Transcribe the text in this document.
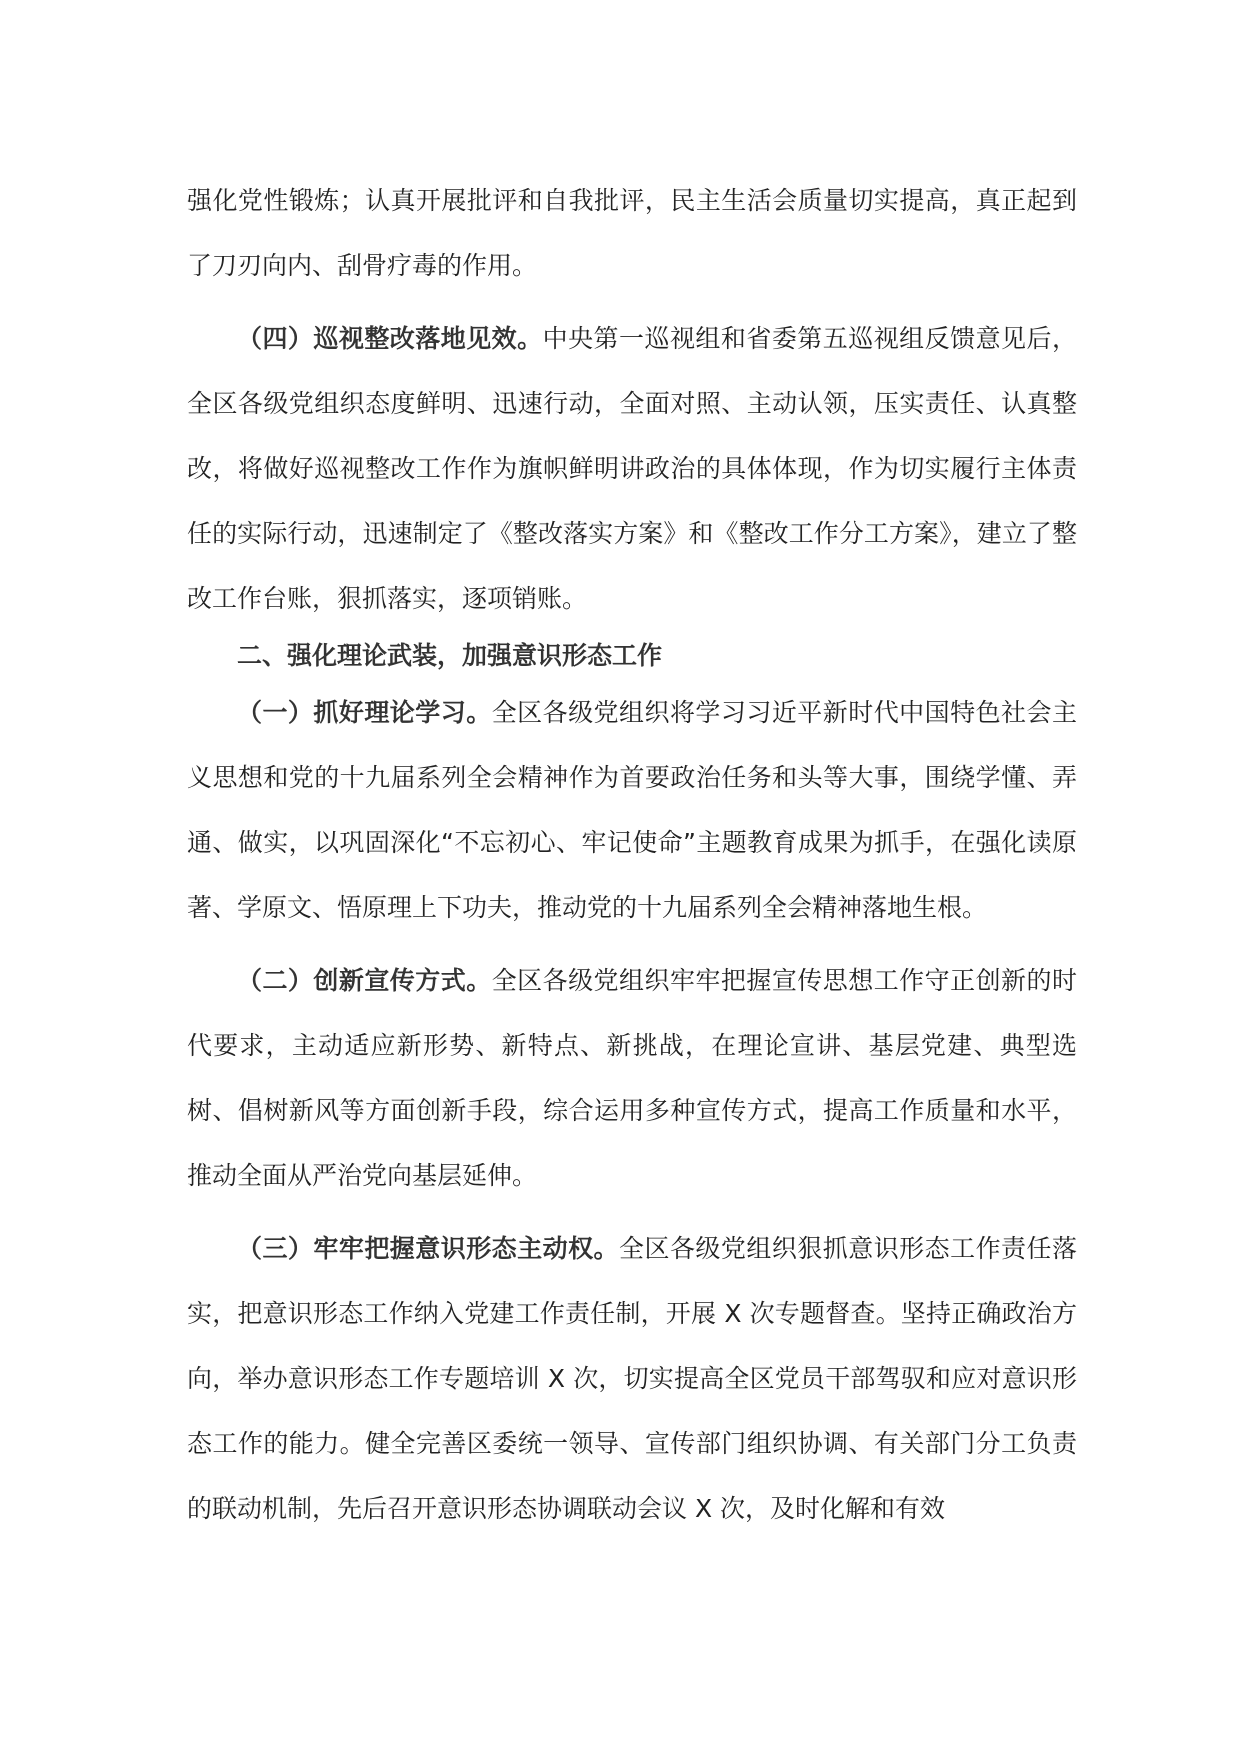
强化党性锻炼；认真开展批评和自我批评，民主生活会质量切实提高，真正起到了刀刃向内、刮骨疗毒的作用。

（四）巡视整改落地见效。中央第一巡视组和省委第五巡视组反馈意见后，全区各级党组织态度鲜明、迅速行动，全面对照、主动认领，压实责任、认真整改，将做好巡视整改工作作为旗帜鲜明讲政治的具体体现，作为切实履行主体责任的实际行动，迅速制定了《整改落实方案》和《整改工作分工方案》，建立了整改工作台账，狠抓落实，逐项销账。

二、强化理论武装，加强意识形态工作

（一）抓好理论学习。全区各级党组织将学习习近平新时代中国特色社会主义思想和党的十九届系列全会精神作为首要政治任务和头等大事，围绕学懂、弄通、做实，以巩固深化“不忘初心、牢记使命”主题教育成果为抓手，在强化读原著、学原文、悟原理上下功夫，推动党的十九届系列全会精神落地生根。

（二）创新宣传方式。全区各级党组织牢牢把握宣传思想工作守正创新的时代要求，主动适应新形势、新特点、新挑战，在理论宣讲、基层党建、典型选树、倡树新风等方面创新手段，综合运用多种宣传方式，提高工作质量和水平，推动全面从严治党向基层延伸。

（三）牢牢把握意识形态主动权。全区各级党组织狠抓意识形态工作责任落实，把意识形态工作纳入党建工作责任制，开展 X 次专题督查。坚持正确政治方向，举办意识形态工作专题培训 X 次，切实提高全区党员干部驾驭和应对意识形态工作的能力。健全完善区委统一领导、宣传部门组织协调、有关部门分工负责的联动机制，先后召开意识形态协调联动会议 X 次，及时化解和有效
